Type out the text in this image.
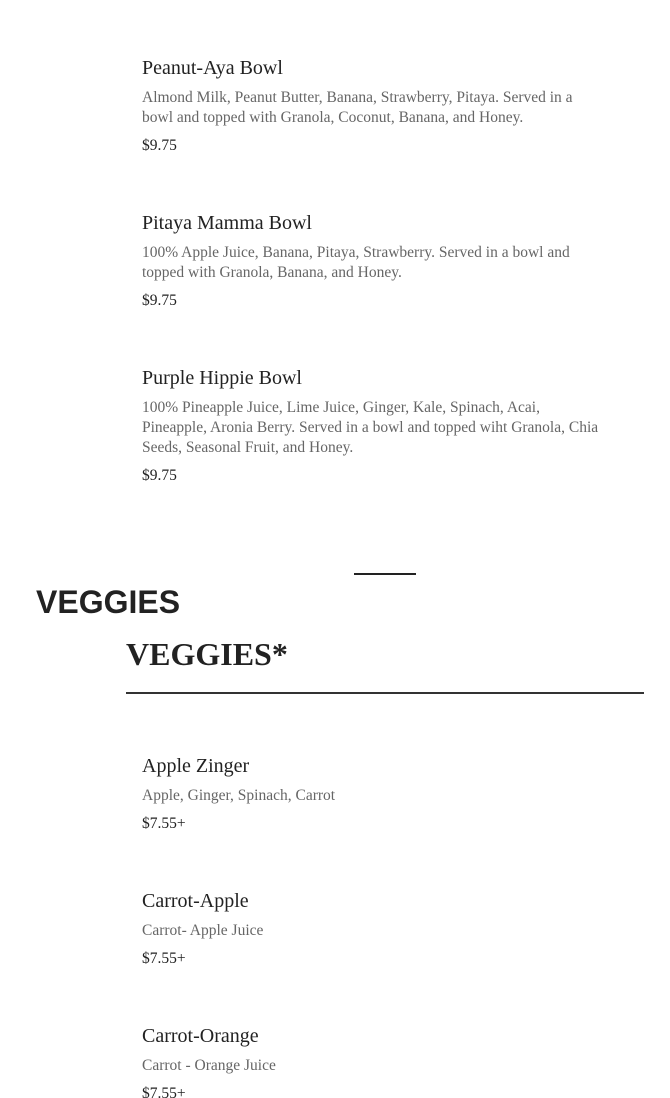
Peanut-Aya Bowl
Almond Milk, Peanut Butter, Banana, Strawberry, Pitaya. Served in a bowl and topped with Granola, Coconut, Banana, and Honey.
$9.75
Pitaya Mamma Bowl
100% Apple Juice, Banana, Pitaya, Strawberry. Served in a bowl and topped with Granola, Banana, and Honey.
$9.75
Purple Hippie Bowl
100% Pineapple Juice, Lime Juice, Ginger, Kale, Spinach, Acai, Pineapple, Aronia Berry. Served in a bowl and topped wiht Granola, Chia Seeds, Seasonal Fruit, and Honey.
$9.75
VEGGIES
VEGGIES*
Apple Zinger
Apple, Ginger, Spinach, Carrot
$7.55+
Carrot-Apple
Carrot- Apple Juice
$7.55+
Carrot-Orange
Carrot - Orange Juice
$7.55+
